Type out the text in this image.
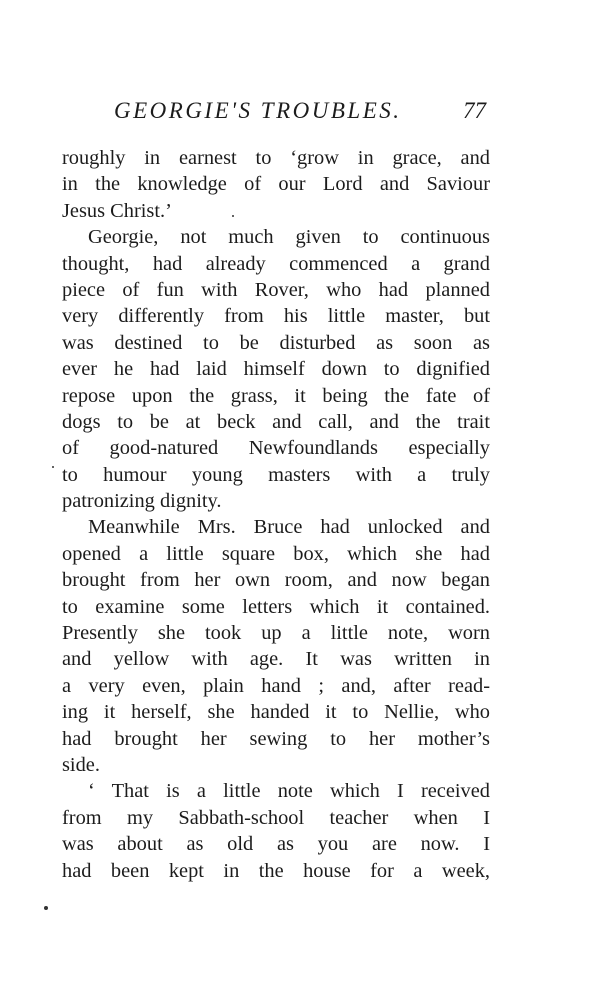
GEORGIE'S TROUBLES.	77
roughly in earnest to ‘grow in grace, and
in the knowledge of our Lord and Saviour
Jesus Christ.’
Georgie, not much given to continuous
thought, had already commenced a grand
piece of fun with Rover, who had planned
very differently from his little master, but
was destined to be disturbed as soon as
ever he had laid himself down to dignified
repose upon the grass, it being the fate of
dogs to be at beck and call, and the trait
of good-natured Newfoundlands especially
to humour young masters with a truly
patronizing dignity.
Meanwhile Mrs. Bruce had unlocked and
opened a little square box, which she had
brought from her own room, and now began
to examine some letters which it contained.
Presently she took up a little note, worn
and yellow with age. It was written in
a very even, plain hand ; and, after read-
ing it herself, she handed it to Nellie, who
had brought her sewing to her mother’s
side.
‘ That is a little note which I received
from my Sabbath-school teacher when I
was about as old as you are now. I
had been kept in the house for a week,
